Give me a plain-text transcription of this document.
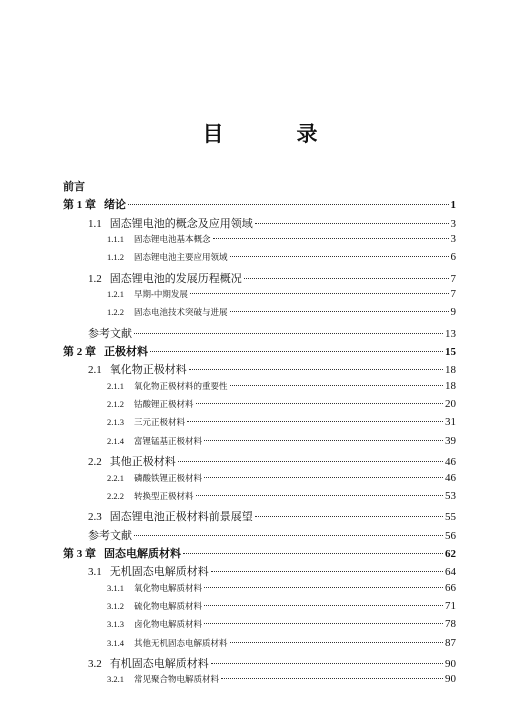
目　录
前言
第 1 章 绪论	1
1.1 固态锂电池的概念及应用领域	3
1.1.1 固态锂电池基本概念	3
1.1.2 固态锂电池主要应用领域	6
1.2 固态锂电池的发展历程概况	7
1.2.1 早期-中期发展	7
1.2.2 固态电池技术突破与进展	9
参考文献	13
第 2 章 正极材料	15
2.1 氧化物正极材料	18
2.1.1 氧化物正极材料的重要性	18
2.1.2 钴酸锂正极材料	20
2.1.3 三元正极材料	31
2.1.4 富锂锰基正极材料	39
2.2 其他正极材料	46
2.2.1 磷酸铁锂正极材料	46
2.2.2 转换型正极材料	53
2.3 固态锂电池正极材料前景展望	55
参考文献	56
第 3 章 固态电解质材料	62
3.1 无机固态电解质材料	64
3.1.1 氧化物电解质材料	66
3.1.2 硫化物电解质材料	71
3.1.3 卤化物电解质材料	78
3.1.4 其他无机固态电解质材料	87
3.2 有机固态电解质材料	90
3.2.1 常见聚合物电解质材料	90
